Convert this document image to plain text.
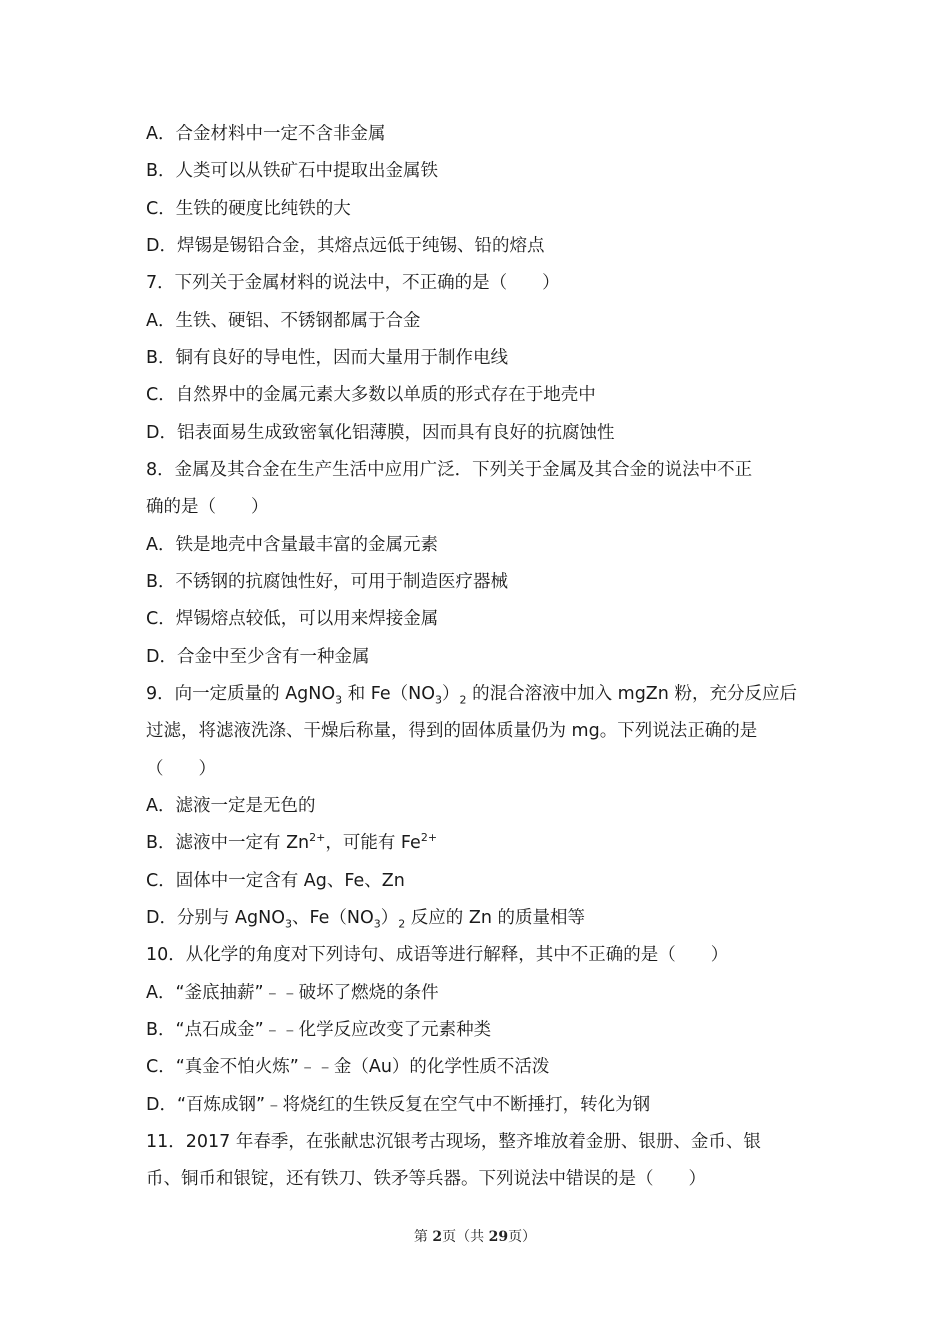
A．合金材料中一定不含非金属
B．人类可以从铁矿石中提取出金属铁
C．生铁的硬度比纯铁的大
D．焊锡是锡铅合金，其熔点远低于纯锡、铅的熔点
7．下列关于金属材料的说法中，不正确的是（　　）
A．生铁、硬铝、不锈钢都属于合金
B．铜有良好的导电性，因而大量用于制作电线
C．自然界中的金属元素大多数以单质的形式存在于地壳中
D．铝表面易生成致密氧化铝薄膜，因而具有良好的抗腐蚀性
8．金属及其合金在生产生活中应用广泛．下列关于金属及其合金的说法中不正
确的是（　　）
A．铁是地壳中含量最丰富的金属元素
B．不锈钢的抗腐蚀性好，可用于制造医疗器械
C．焊锡熔点较低，可以用来焊接金属
D．合金中至少含有一种金属
9．向一定质量的 AgNO$_3$ 和 $Fe(NO_3)_2$ 的混合溶液中加入 mgZn 粉，充分反应后
过滤，将滤液洗涤、干燥后称量，得到的固体质量仍为 mg。下列说法正确的是
（　　）
A．滤液一定是无色的
B．滤液中一定有 $Zn^{2+}$，可能有 $Fe^{2+}$
C．固体中一定含有 Ag、Fe、Zn
D．分别与 AgNO$_3$、$Fe(NO_3)_2$ 反应的 Zn 的质量相等
10．从化学的角度对下列诗句、成语等进行解释，其中不正确的是（　　）
A．“釜底抽薪”﹣﹣破坏了燃烧的条件
B．“点石成金”﹣﹣化学反应改变了元素种类
C．“真金不怕火炼”﹣﹣金（Au）的化学性质不活泼
D．“百炼成钢”﹣将烧红的生铁反复在空气中不断捶打，转化为钢
11．2017 年春季，在张献忠沉银考古现场，整齐堆放着金册、银册、金币、银
币、铜币和银锭，还有铁刀、铁矛等兵器。下列说法中错误的是（　　）
第 2页（共 29页）
